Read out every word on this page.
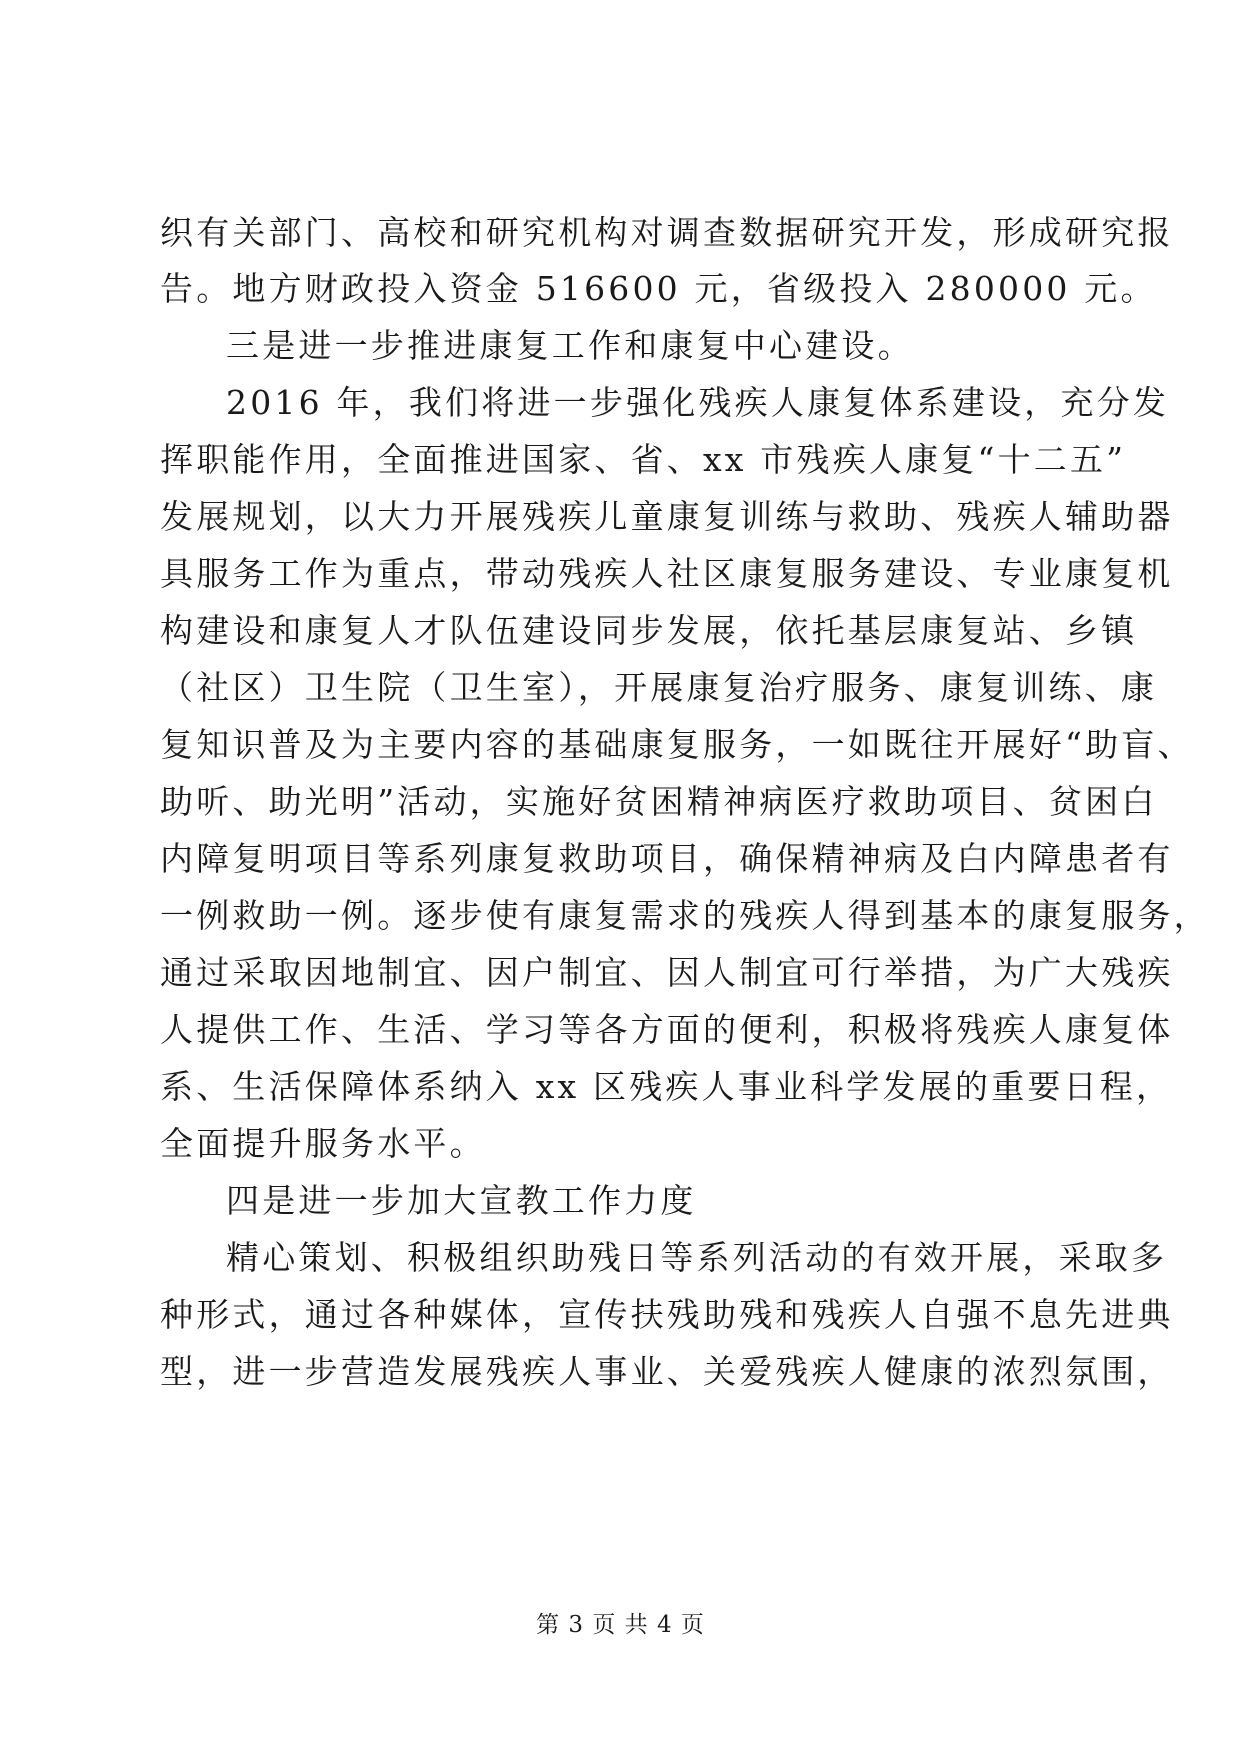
织有关部门、高校和研究机构对调查数据研究开发，形成研究报
告。地方财政投入资金 516600 元，省级投入 280000 元。
三是进一步推进康复工作和康复中心建设。
2016 年，我们将进一步强化残疾人康复体系建设，充分发
挥职能作用，全面推进国家、省、xx 市残疾人康复“十二五”
发展规划，以大力开展残疾儿童康复训练与救助、残疾人辅助器
具服务工作为重点，带动残疾人社区康复服务建设、专业康复机
构建设和康复人才队伍建设同步发展，依托基层康复站、乡镇
（社区）卫生院（卫生室），开展康复治疗服务、康复训练、康
复知识普及为主要内容的基础康复服务，一如既往开展好“助盲、
助听、助光明”活动，实施好贫困精神病医疗救助项目、贫困白
内障复明项目等系列康复救助项目，确保精神病及白内障患者有
一例救助一例。逐步使有康复需求的残疾人得到基本的康复服务，
通过采取因地制宜、因户制宜、因人制宜可行举措，为广大残疾
人提供工作、生活、学习等各方面的便利，积极将残疾人康复体
系、生活保障体系纳入 xx 区残疾人事业科学发展的重要日程，
全面提升服务水平。
四是进一步加大宣教工作力度
精心策划、积极组织助残日等系列活动的有效开展，采取多
种形式，通过各种媒体，宣传扶残助残和残疾人自强不息先进典
型，进一步营造发展残疾人事业、关爱残疾人健康的浓烈氛围，
第 3 页 共 4 页
